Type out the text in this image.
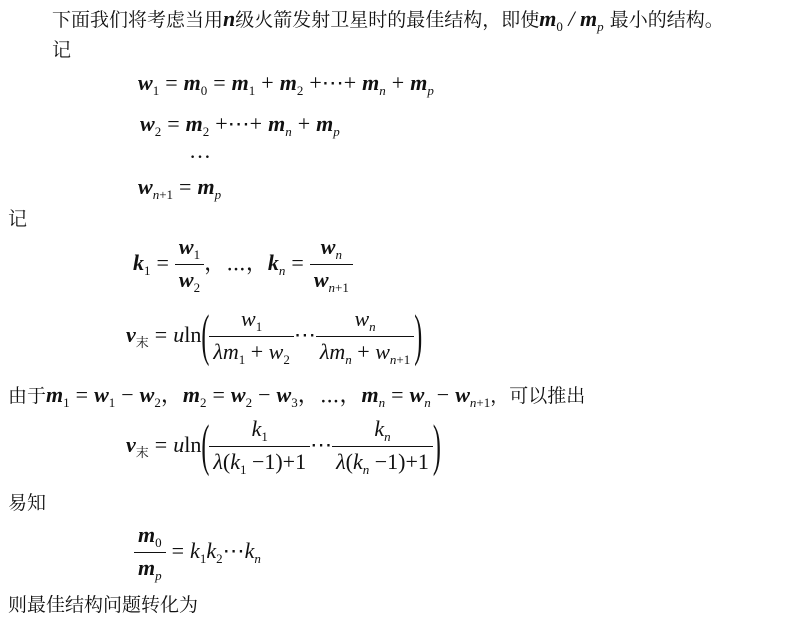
下面我们将考虑当用n级火箭发射卫星时的最佳结构，即使$m_0 / m_p$ 最小的结构。
记
$w_1 = m_0 = m_1 + m_2$ +⋯+ $m_n + m_p$
$w_2 = m_2$ +⋯+ $m_n + m_p$
…
$w_{n+1} = m_p$
记
$k_1 = \frac{w_1}{w_2}$ ，⋯，$k_n = \frac{w_n}{w_{n+1}}$
$v_末 = uln( \frac{w_1}{\lambda m_1 + w_2}$ ⋯ $\frac{w_n}{\lambda m_n + w_{n+1}}$ )
由于$m_1 = w_1 - w_2$，$m_2 = w_2 - w_3$，⋯，$m_n = w_n - w_{n+1}$，可以推出
$v_末 = uln( \frac{k_1}{\lambda(k_1 -1)+1}$ ⋯ $\frac{k_n}{\lambda(k_n -1)+1}$ )
易知
$\frac{m_0}{m_p}$ = $k_1k_2\cdots k_n$
则最佳结构问题转化为
